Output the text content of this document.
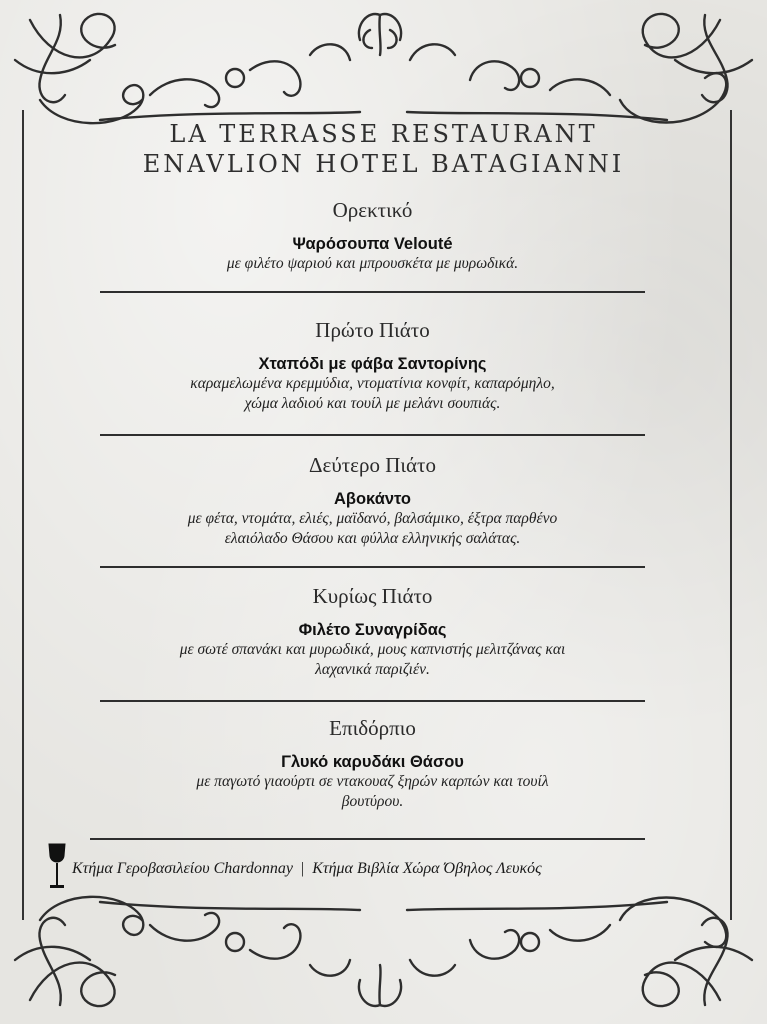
LA TERRASSE RESTAURANT
ENAVLION HOTEL BATAGIANNI
Ορεκτικό
Ψαρόσουπα Velouté
με φιλέτο ψαριού και μπρουσκέτα με μυρωδικά.
Πρώτο Πιάτο
Χταπόδι με φάβα Σαντορίνης
καραμελωμένα κρεμμύδια, ντοματίνια κονφίτ, καπαρόμηλο,
χώμα λαδιού και τουίλ με μελάνι σουπιάς.
Δεύτερο Πιάτο
Αβοκάντο
με φέτα, ντομάτα, ελιές, μαϊδανό, βαλσάμικο, έξτρα παρθένο
ελαιόλαδο Θάσου και φύλλα ελληνικής σαλάτας.
Κυρίως Πιάτο
Φιλέτο Συναγρίδας
με σωτέ σπανάκι και μυρωδικά, μους καπνιστής μελιτζάνας και
λαχανικά παριζιέν.
Επιδόρπιο
Γλυκό καρυδάκι Θάσου
με παγωτό γιαούρτι σε ντακουαζ ξηρών καρπών και τουίλ
βουτύρου.
Κτήμα Γεροβασιλείου Chardonnay | Κτήμα Βιβλία Χώρα Όβηλος Λευκός
